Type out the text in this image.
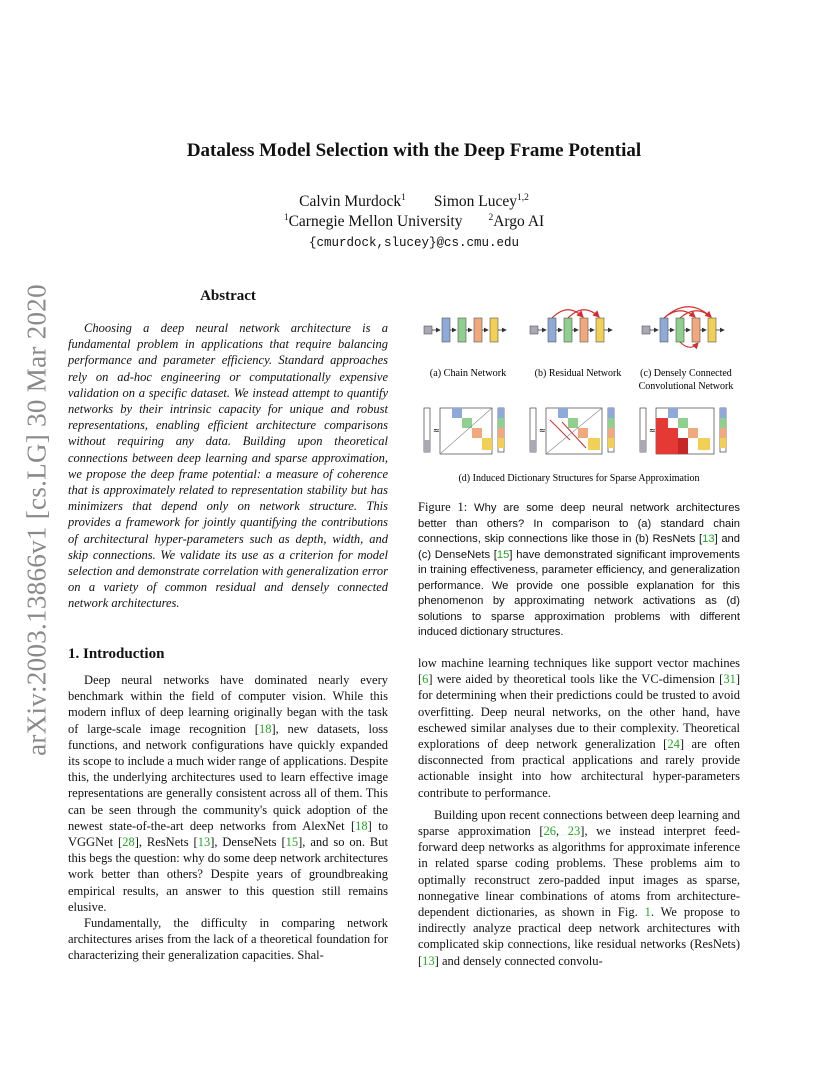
arXiv:2003.13866v1 [cs.LG] 30 Mar 2020
Dataless Model Selection with the Deep Frame Potential
Calvin Murdock$^1$ Simon Lucey$^{1,2}$
$^1$Carnegie Mellon University	$^2$Argo AI
{cmurdock,slucey}@cs.cmu.edu
Abstract
Choosing a deep neural network architecture is a fundamental problem in applications that require balancing performance and parameter efficiency. Standard approaches rely on ad-hoc engineering or computationally expensive validation on a specific dataset. We instead attempt to quantify networks by their intrinsic capacity for unique and robust representations, enabling efficient architecture comparisons without requiring any data. Building upon theoretical connections between deep learning and sparse approximation, we propose the deep frame potential: a measure of coherence that is approximately related to representation stability but has minimizers that depend only on network structure. This provides a framework for jointly quantifying the contributions of architectural hyper-parameters such as depth, width, and skip connections. We validate its use as a criterion for model selection and demonstrate correlation with generalization error on a variety of common residual and densely connected network architectures.
(a) Chain Network	(b) Residual Network (c) Densely Connected
Convolutional Network
≈	≈	≈
(d) Induced Dictionary Structures for Sparse Approximation
Figure 1: Why are some deep neural network architectures better than others? In comparison to (a) standard chain connections, skip connections like those in (b) ResNets [13] and (c) DenseNets [15] have demonstrated significant improvements in training effectiveness, parameter efficiency, and generalization performance. We provide one possible explanation for this phenomenon by approximating network activations as (d) solutions to sparse approximation problems with different induced dictionary structures.
1. Introduction

Deep neural networks have dominated nearly every benchmark within the field of computer vision. While this modern influx of deep learning originally began with the task of large-scale image recognition [18], new datasets, loss functions, and network configurations have quickly expanded its scope to include a much wider range of applications. Despite this, the underlying architectures used to learn effective image representations are generally consistent across all of them. This can be seen through the community's quick adoption of the newest state-of-the-art deep networks from AlexNet [18] to VGGNet [28], ResNets [13], DenseNets [15], and so on. But this begs the question: why do some deep network architectures work better than others? Despite years of groundbreaking empirical results, an answer to this question still remains elusive.

Fundamentally, the difficulty in comparing network architectures arises from the lack of a theoretical foundation for characterizing their generalization capacities. Shal-

low machine learning techniques like support vector machines [6] were aided by theoretical tools like the VC-dimension [31] for determining when their predictions could be trusted to avoid overfitting. Deep neural networks, on the other hand, have eschewed similar analyses due to their complexity. Theoretical explorations of deep network generalization [24] are often disconnected from practical applications and rarely provide actionable insight into how architectural hyper-parameters contribute to performance.

Building upon recent connections between deep learning and sparse approximation [26, 23], we instead interpret feed-forward deep networks as algorithms for approximate inference in related sparse coding problems. These problems aim to optimally reconstruct zero-padded input images as sparse, nonnegative linear combinations of atoms from architecture-dependent dictionaries, as shown in Fig. 1. We propose to indirectly analyze practical deep network architectures with complicated skip connections, like residual networks (ResNets) [13] and densely connected convolu-
